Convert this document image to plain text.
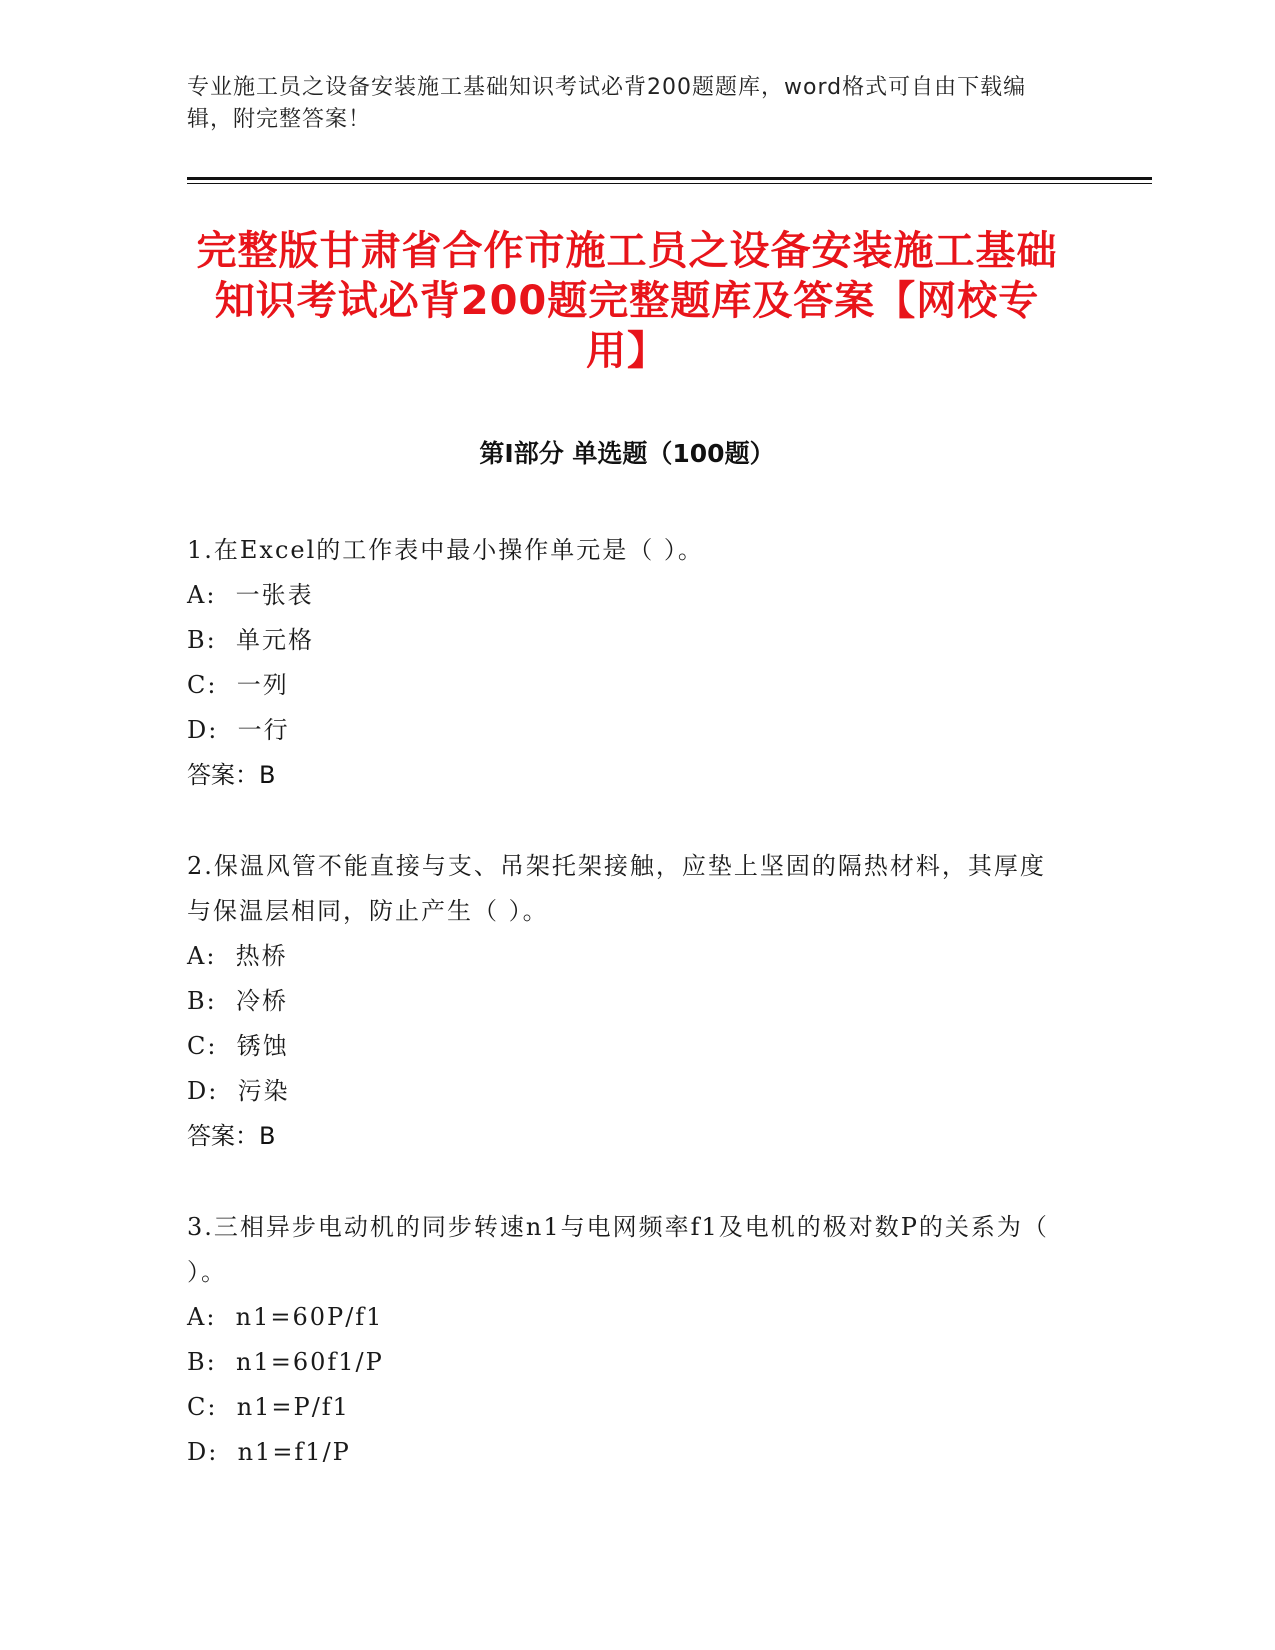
专业施工员之设备安装施工基础知识考试必背200题题库，word格式可自由下载编辑，附完整答案！
完整版甘肃省合作市施工员之设备安装施工基础知识考试必背200题完整题库及答案【网校专用】
第I部分 单选题（100题）

1.在Excel的工作表中最小操作单元是（ ）。

A:  一张表

B:  单元格

C:  一列

D:  一行

答案：B

2.保温风管不能直接与支、吊架托架接触，应垫上坚固的隔热材料，其厚度与保温层相同，防止产生（ ）。

A:  热桥

B:  冷桥

C:  锈蚀

D:  污染

答案：B

3.三相异步电动机的同步转速n1与电网频率f1及电机的极对数P的关系为（ ）。

A:  n1=60P/f1

B:  n1=60f1/P

C:  n1=P/f1

D:  n1=f1/P
